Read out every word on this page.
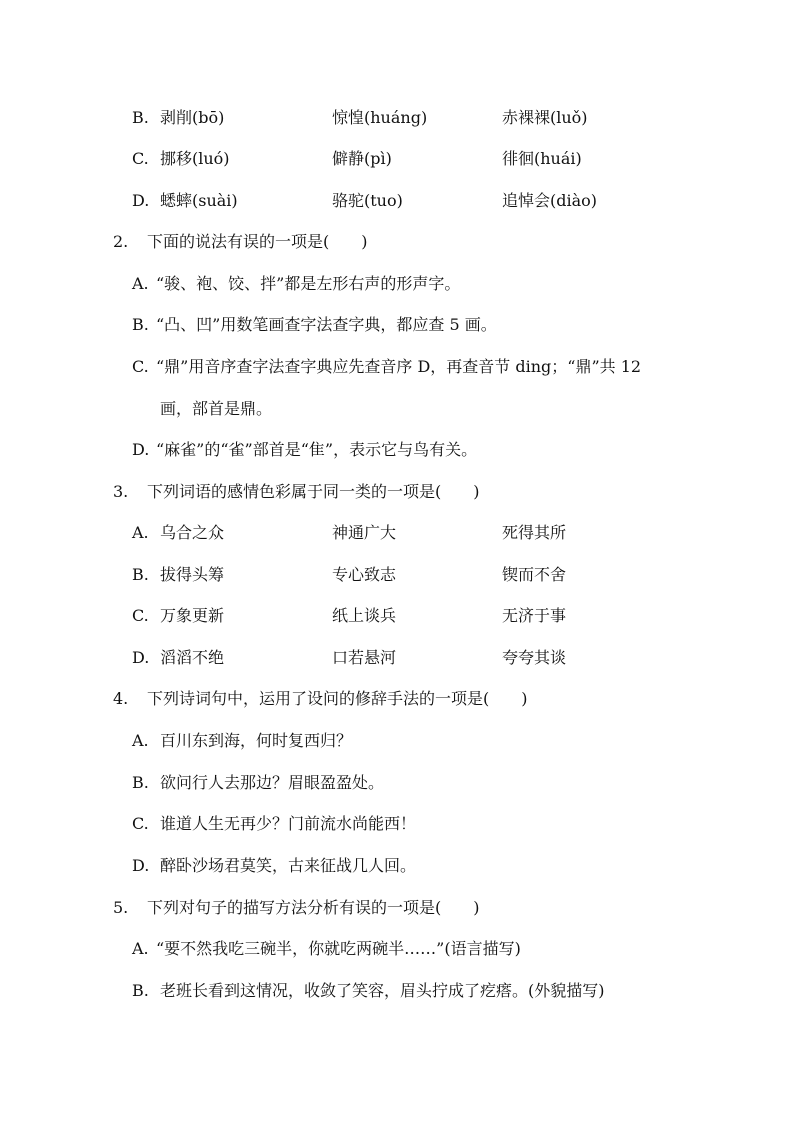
B. 剥削(bō)	惊惶(huáng)	赤裸裸(luǒ)
C. 挪移(luó)	僻静(pì)	徘徊(huái)
D. 蟋蟀(suài)	骆驼(tuo)	追悼会(diào)
2. 下面的说法有误的一项是(　　)
A. “骏、袍、饺、拌”都是左形右声的形声字。
B. “凸、凹”用数笔画查字法查字典，都应查 5 画。
C. “鼎”用音序查字法查字典应先查音序 D，再查音节 ding；“鼎”共 12
画，部首是鼎。
D. “麻雀”的“雀”部首是“隹”，表示它与鸟有关。
3. 下列词语的感情色彩属于同一类的一项是(　　)
A. 乌合之众	神通广大	死得其所
B. 拔得头筹	专心致志	锲而不舍
C. 万象更新	纸上谈兵	无济于事
D. 滔滔不绝	口若悬河	夸夸其谈
4. 下列诗词句中，运用了设问的修辞手法的一项是(　　)
A. 百川东到海，何时复西归？
B. 欲问行人去那边？眉眼盈盈处。
C. 谁道人生无再少？门前流水尚能西！
D. 醉卧沙场君莫笑，古来征战几人回。
5. 下列对句子的描写方法分析有误的一项是(　　)
A. “要不然我吃三碗半，你就吃两碗半……”(语言描写)
B. 老班长看到这情况，收敛了笑容，眉头拧成了疙瘩。(外貌描写)
